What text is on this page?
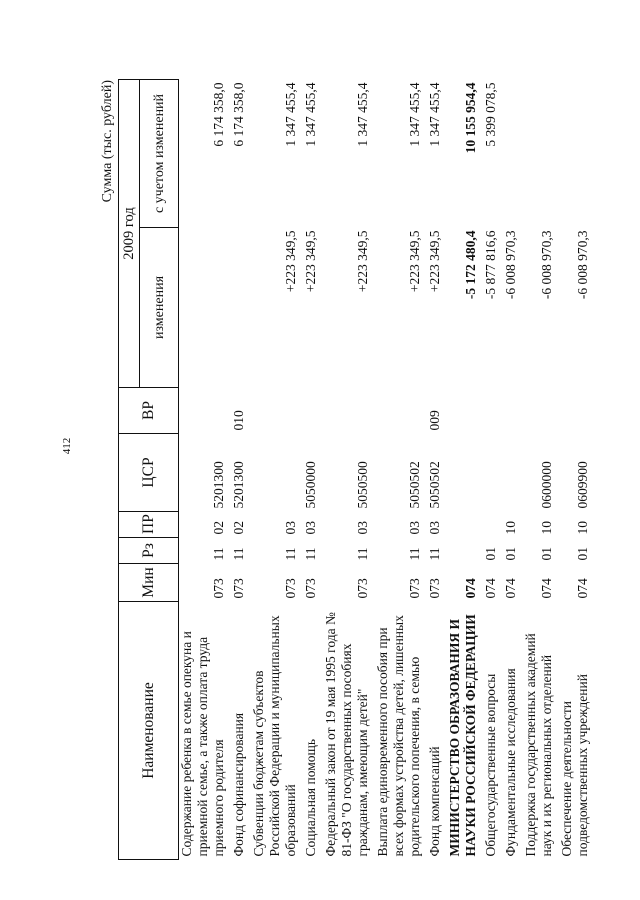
412
Сумма (тыс. рублей)
Наименование	Мин	Рз	ПР	ЦСР	ВР	2009 год	
						изменения	с учетом изменений
Содержание ребенка в семье опекуна и приемной семье, а также оплата труда приемного родителя	073	11	02	5201300			6 174 358,0
Фонд софинансирования	073	11	02	5201300	010		6 174 358,0
Субвенции бюджетам субъектов Российской Федерации и муниципальных образований	073	11	03			+223 349,5	1 347 455,4
Социальная помощь	073	11	03	5050000		+223 349,5	1 347 455,4
Федеральный закон от 19 мая 1995 года № 81-ФЗ "О государственных пособиях гражданам, имеющим детей"	073	11	03	5050500		+223 349,5	1 347 455,4
Выплата единовременного пособия при всех формах устройства детей, лишенных родительского попечения, в семью	073	11	03	5050502		+223 349,5	1 347 455,4
Фонд компенсаций	073	11	03	5050502	009	+223 349,5	1 347 455,4
МИНИСТЕРСТВО ОБРАЗОВАНИЯ И НАУКИ РОССИЙСКОЙ ФЕДЕРАЦИИ	074					-5 172 480,4	10 155 954,4
Общегосударственные вопросы	074	01				-5 877 816,6	5 399 078,5
Фундаментальные исследования	074	01	10			-6 008 970,3	
Поддержка государственных академий наук и их региональных отделений	074	01	10	0600000		-6 008 970,3	
Обеспечение деятельности подведомственных учреждений	074	01	10	0609900		-6 008 970,3	
